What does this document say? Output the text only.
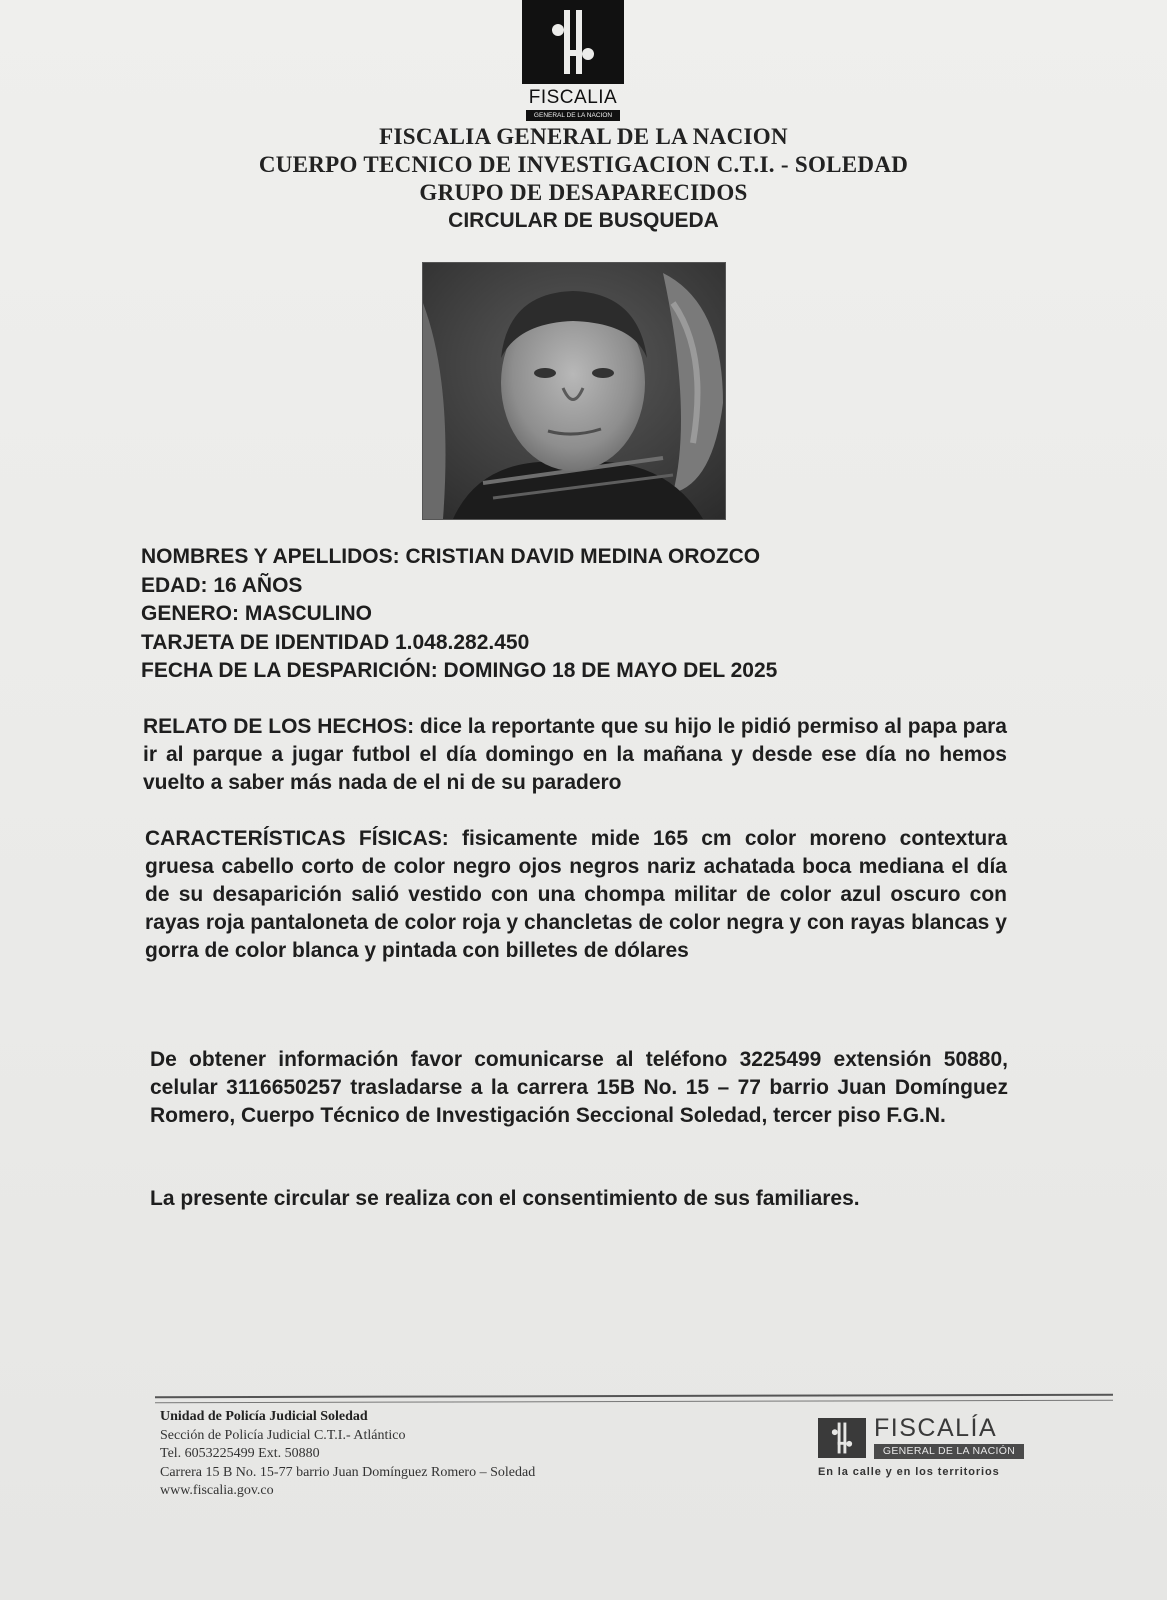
FISCALIA
GENERAL DE LA NACION
FISCALIA GENERAL DE LA NACION
CUERPO TECNICO DE INVESTIGACION C.T.I. - SOLEDAD
GRUPO DE DESAPARECIDOS
CIRCULAR DE BUSQUEDA
NOMBRES Y APELLIDOS: CRISTIAN DAVID MEDINA OROZCO
EDAD: 16 AÑOS
GENERO: MASCULINO
TARJETA DE IDENTIDAD 1.048.282.450
FECHA DE LA DESPARICIÓN: DOMINGO 18 DE MAYO DEL 2025
RELATO DE LOS HECHOS: dice la reportante que su hijo le pidió permiso al papa para ir al parque a jugar futbol el día domingo en la mañana y desde ese día no hemos vuelto a saber más nada de el ni de su paradero
CARACTERÍSTICAS FÍSICAS: fisicamente mide 165 cm color moreno contextura gruesa cabello corto de color negro ojos negros nariz achatada boca mediana el día de su desaparición salió vestido con una chompa militar de color azul oscuro con rayas roja pantaloneta de color roja y chancletas de color negra y con rayas blancas y gorra de color blanca y pintada con billetes de dólares
De obtener información favor comunicarse al teléfono 3225499 extensión 50880, celular 3116650257 trasladarse a la carrera 15B No. 15 – 77 barrio Juan Domínguez Romero, Cuerpo Técnico de Investigación Seccional Soledad, tercer piso F.G.N.
La presente circular se realiza con el consentimiento de sus familiares.
Unidad de Policía Judicial Soledad
Sección de Policía Judicial C.T.I.- Atlántico
Tel. 6053225499 Ext. 50880
Carrera 15 B No. 15-77 barrio Juan Domínguez Romero – Soledad
www.fiscalia.gov.co
FISCALÍA
GENERAL DE LA NACIÓN
En la calle y en los territorios
